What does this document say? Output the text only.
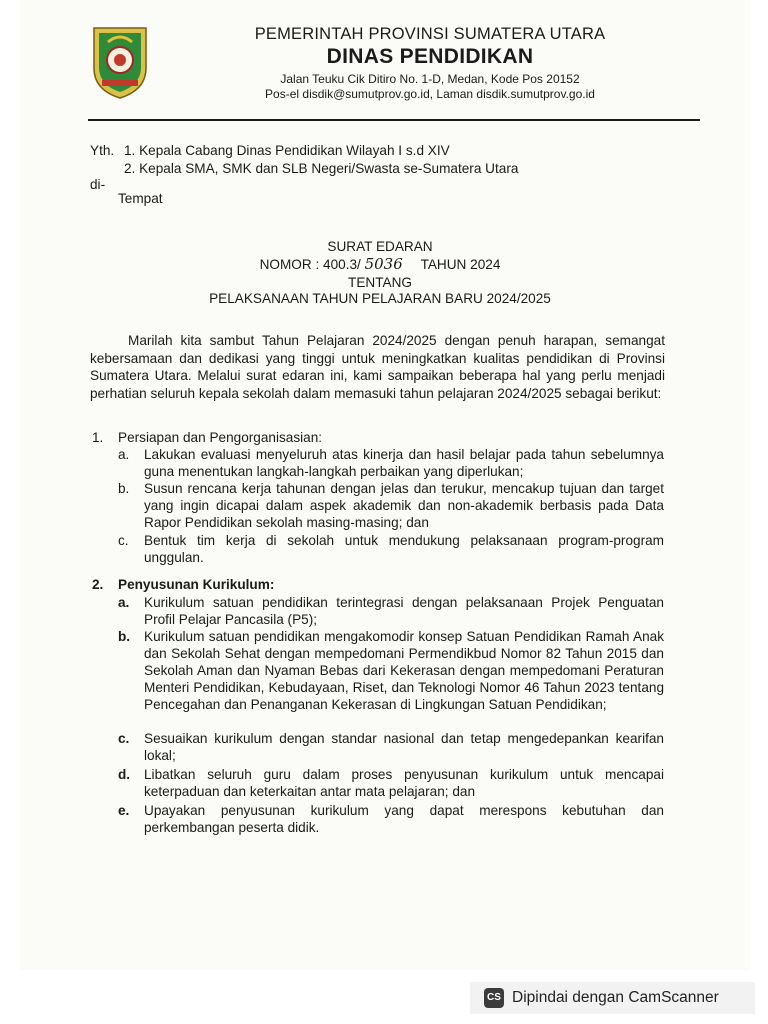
PEMERINTAH PROVINSI SUMATERA UTARA
DINAS PENDIDIKAN
Jalan Teuku Cik Ditiro No. 1-D, Medan, Kode Pos 20152
Pos-el disdik@sumutprov.go.id, Laman disdik.sumutprov.go.id
Yth. 1. Kepala Cabang Dinas Pendidikan Wilayah I s.d XIV
2. Kepala SMA, SMK dan SLB Negeri/Swasta se-Sumatera Utara
di-
Tempat
SURAT EDARAN
NOMOR : 400.3/ 5036 TAHUN 2024
TENTANG
PELAKSANAAN TAHUN PELAJARAN BARU 2024/2025
Marilah kita sambut Tahun Pelajaran 2024/2025 dengan penuh harapan, semangat kebersamaan dan dedikasi yang tinggi untuk meningkatkan kualitas pendidikan di Provinsi Sumatera Utara. Melalui surat edaran ini, kami sampaikan beberapa hal yang perlu menjadi perhatian seluruh kepala sekolah dalam memasuki tahun pelajaran 2024/2025 sebagai berikut:
1. Persiapan dan Pengorganisasian:
a. Lakukan evaluasi menyeluruh atas kinerja dan hasil belajar pada tahun sebelumnya guna menentukan langkah-langkah perbaikan yang diperlukan;
b. Susun rencana kerja tahunan dengan jelas dan terukur, mencakup tujuan dan target yang ingin dicapai dalam aspek akademik dan non-akademik berbasis pada Data Rapor Pendidikan sekolah masing-masing; dan
c. Bentuk tim kerja di sekolah untuk mendukung pelaksanaan program-program unggulan.
2. Penyusunan Kurikulum:
a. Kurikulum satuan pendidikan terintegrasi dengan pelaksanaan Projek Penguatan Profil Pelajar Pancasila (P5);
b. Kurikulum satuan pendidikan mengakomodir konsep Satuan Pendidikan Ramah Anak dan Sekolah Sehat dengan mempedomani Permendikbud Nomor 82 Tahun 2015 dan Sekolah Aman dan Nyaman Bebas dari Kekerasan dengan mempedomani Peraturan Menteri Pendidikan, Kebudayaan, Riset, dan Teknologi Nomor 46 Tahun 2023 tentang Pencegahan dan Penanganan Kekerasan di Lingkungan Satuan Pendidikan;
c. Sesuaikan kurikulum dengan standar nasional dan tetap mengedepankan kearifan lokal;
d. Libatkan seluruh guru dalam proses penyusunan kurikulum untuk mencapai keterpaduan dan keterkaitan antar mata pelajaran; dan
e. Upayakan penyusunan kurikulum yang dapat merespons kebutuhan dan perkembangan peserta didik.
CS Dipindai dengan CamScanner
